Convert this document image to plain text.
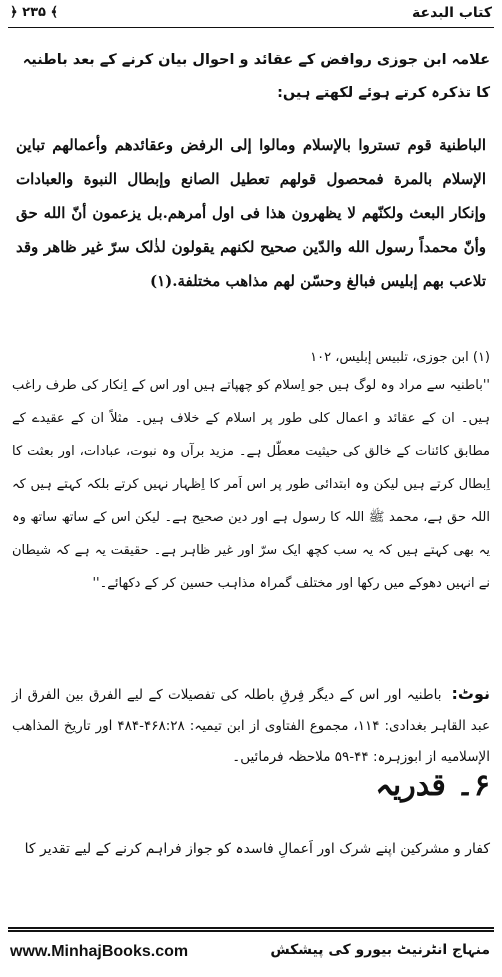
كتاب البدعة
﴿ ۲۳۵ ﴾
علامہ ابن جوزی روافض کے عقائد و احوال بیان کرنے کے بعد باطنیہ کا تذکرہ کرتے ہوئے لکھتے ہیں:
الباطنية قوم تستروا بالإسلام ومالوا إلى الرفض وعقائدهم وأعمالهم تباين الإسلام بالمرة فمحصول قولهم تعطيل الصانع وإبطال النبوة والعبادات وإنكار البعث ولكنّهم لا يظهرون هذا فى اول أمرهم.بل يزعمون أنّ الله حق وأنّ محمداً رسول الله والدّين صحيح لكنهم يقولون لذٰلک سرّ غير ظاهر وقد تلاعب بهم إبليس فبالغ وحسّن لهم مذاهب مختلفة.(۱)
(۱) ابن جوزی، تلبيس إبليس، ۱۰۲
''باطنیہ سے مراد وہ لوگ ہیں جو اِسلام کو چھپاتے ہیں اور اس کے اِنکار کی طرف راغب ہیں۔ ان کے عقائد و اعمال کلی طور پر اسلام کے خلاف ہیں۔ مثلاً ان کے عقیدے کے مطابق کائنات کے خالق کی حیثیت معطّل ہے۔ مزید برآں وہ نبوت، عبادات، اور بعثت کا اِبطال کرتے ہیں لیکن وہ ابتدائی طور پر اس اَمر کا اِظہار نہیں کرتے بلکہ کہتے ہیں کہ اللہ حق ہے، محمد ﷺ اللہ کا رسول ہے اور دین صحیح ہے۔ لیکن اس کے ساتھ ساتھ وہ یہ بھی کہتے ہیں کہ یہ سب کچھ ایک سرّ اور غیر ظاہر ہے۔ حقیقت یہ ہے کہ شیطان نے انہیں دھوکے میں رکھا اور مختلف گمراہ مذاہب حسین کر کے دکھائے۔''
نوٹ:باطنیہ اور اس کے دیگر فِرقِ باطلہ کی تفصیلات کے لیے الفرق بین الفرق از عبد القاہر بغدادی: ۱۱۴، مجموع الفتاوی از ابن تیمیہ: ۴۶۸:۲۸-۴۸۴ اور تاریخ المذاهب الإسلاميه از ابوزہرہ: ۴۴-۵۹ ملاحظہ فرمائیں۔
۶۔ قدریہ
کفار و مشرکین اپنے شرک اور اَعمالِ فاسدہ کو جواز فراہم کرنے کے لیے تقدیر کا
www.MinhajBooks.com	منہاج انٹرنیٹ بیورو کی پیشکش
